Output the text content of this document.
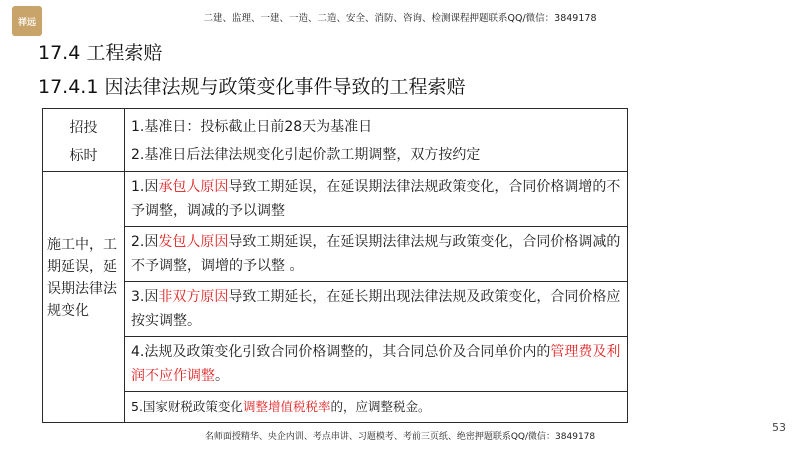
祥远	二建、监理、一建、一造、二造、安全、消防、咨询、检测课程押题联系QQ/微信：3849178
17.4 工程索赔
17.4.1 因法律法规与政策变化事件导致的工程索赔
招投
标时
1.基准日：投标截止日前28天为基准日
2.基准日后法律法规变化引起价款工期调整，双方按约定
施工中，工期延误，延误期法律法规变化
1.因承包人原因导致工期延误，在延误期法律法规政策变化，合同价格调增的不予调整，调减的予以调整
2.因发包人原因导致工期延误，在延误期法律法规与政策变化，合同价格调减的不予调整，调增的予以整 。
3.因非双方原因导致工期延长，在延长期出现法律法规及政策变化，合同价格应按实调整。
4.法规及政策变化引致合同价格调整的，其合同总价及合同单价内的管理费及利润不应作调整。
5.国家财税政策变化调整增值税税率的，应调整税金。
53
名师面授精华、央企内训、考点串讲、习题模考、考前三页纸、绝密押题联系QQ/微信：3849178
